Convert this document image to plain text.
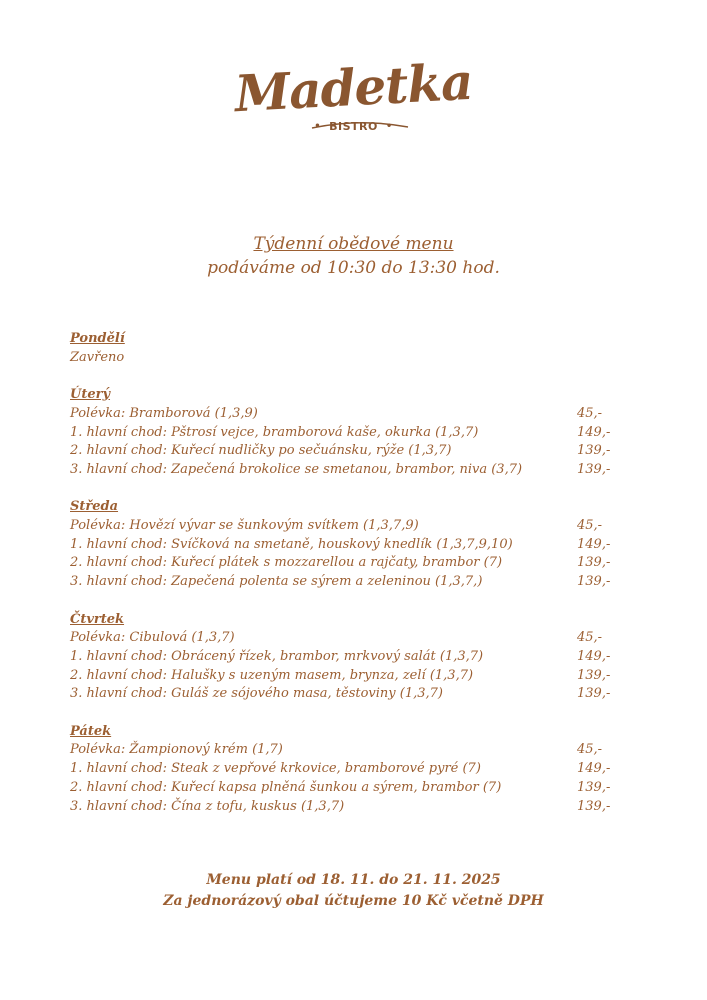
Madetka
• BISTRO •
Týdenní obědové menu
podáváme od 10:30 do 13:30 hod.
Pondělí
Zavřeno
Úterý
Polévka: Bramborová (1,3,9)	45,-
1. hlavní chod: Pštrosí vejce, bramborová kaše, okurka (1,3,7)	149,-
2. hlavní chod: Kuřecí nudličky po sečuánsku, rýže (1,3,7)	139,-
3. hlavní chod: Zapečená brokolice se smetanou, brambor, niva (3,7)	139,-
Středa
Polévka: Hovězí vývar se šunkovým svítkem (1,3,7,9)	45,-
1. hlavní chod: Svíčková na smetaně, houskový knedlík (1,3,7,9,10)	149,-
2. hlavní chod: Kuřecí plátek s mozzarellou a rajčaty, brambor (7)	139,-
3. hlavní chod: Zapečená polenta se sýrem a zeleninou (1,3,7,)	139,-
Čtvrtek
Polévka: Cibulová (1,3,7)	45,-
1. hlavní chod: Obrácený řízek, brambor, mrkvový salát (1,3,7)	149,-
2. hlavní chod: Halušky s uzeným masem, brynza, zelí (1,3,7)	139,-
3. hlavní chod: Guláš ze sójového masa, těstoviny (1,3,7)	139,-
Pátek
Polévka: Žampionový krém (1,7)	45,-
1. hlavní chod: Steak z vepřové krkovice, bramborové pyré (7)	149,-
2. hlavní chod: Kuřecí kapsa plněná šunkou a sýrem, brambor (7)	139,-
3. hlavní chod: Čína z tofu, kuskus (1,3,7)	139,-
Menu platí od 18. 11. do 21. 11. 2025
Za jednorázový obal účtujeme 10 Kč včetně DPH
